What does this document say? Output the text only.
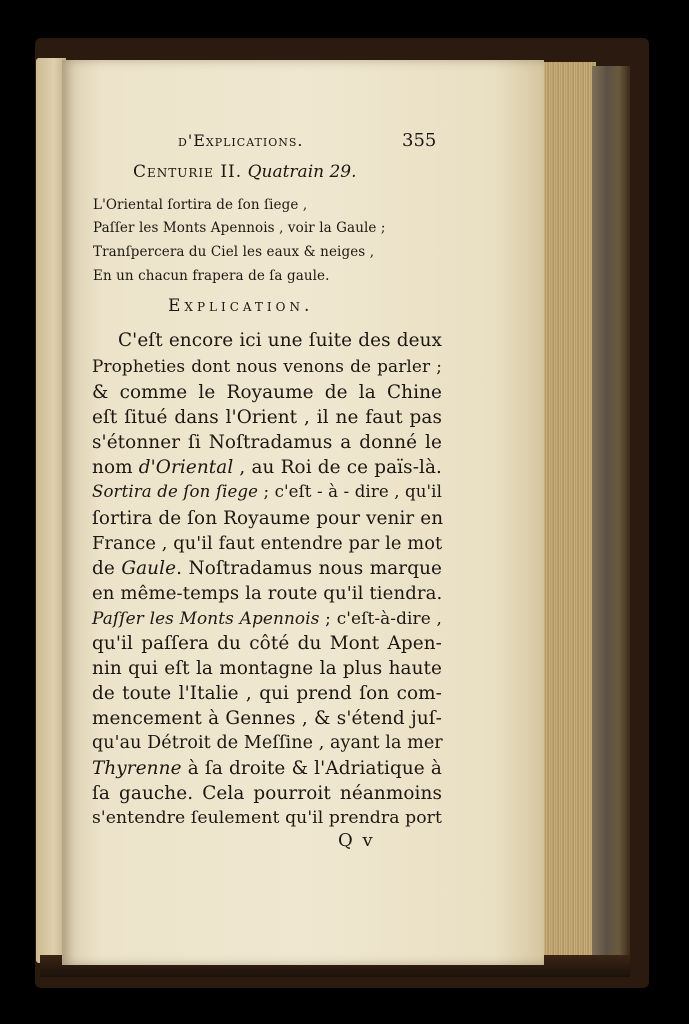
d'Explications.	355
Centurie II. Quatrain 29.
L'Oriental ſortira de ſon ſiege ,
Paſſer les Monts Apennois , voir la Gaule ;
Tranſpercera du Ciel les eaux & neiges ,
En un chacun frapera de ſa gaule.
Explication.
C'eſt encore ici une ſuite des deux
Propheties dont nous venons de parler ;
& comme le Royaume de la Chine
eſt ſitué dans l'Orient , il ne faut pas
s'étonner ſi Noſtradamus a donné le
nom d'Oriental , au Roi de ce païs-là.
Sortira de ſon ſiege ; c'eſt - à - dire , qu'il
ſortira de ſon Royaume pour venir en
France , qu'il faut entendre par le mot
de Gaule. Noſtradamus nous marque
en même-temps la route qu'il tiendra.
Paſſer les Monts Apennois ; c'eſt-à-dire ,
qu'il paſſera du côté du Mont Apen-
nin qui eſt la montagne la plus haute
de toute l'Italie , qui prend ſon com-
mencement à Gennes , & s'étend juſ-
qu'au Détroit de Meſſine , ayant la mer
Thyrenne à ſa droite & l'Adriatique à
ſa gauche. Cela pourroit néanmoins
s'entendre ſeulement qu'il prendra port
Q v
